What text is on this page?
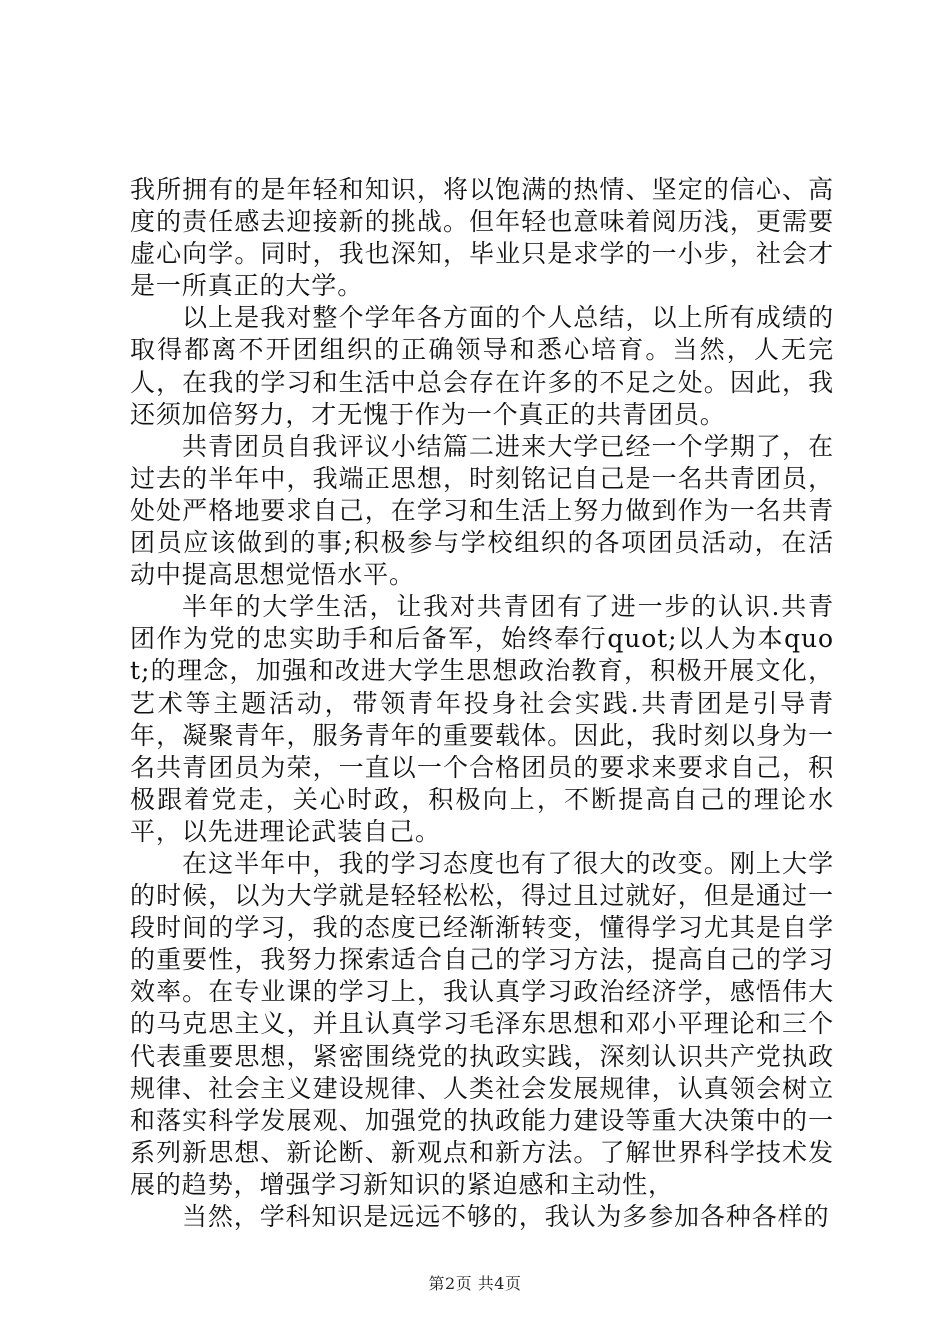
我所拥有的是年轻和知识，将以饱满的热情、坚定的信心、高度的责任感去迎接新的挑战。但年轻也意味着阅历浅，更需要虚心向学。同时，我也深知，毕业只是求学的一小步，社会才是一所真正的大学。

以上是我对整个学年各方面的个人总结，以上所有成绩的取得都离不开团组织的正确领导和悉心培育。当然，人无完人，在我的学习和生活中总会存在许多的不足之处。因此，我还须加倍努力，才无愧于作为一个真正的共青团员。

共青团员自我评议小结篇二进来大学已经一个学期了，在过去的半年中，我端正思想，时刻铭记自己是一名共青团员，处处严格地要求自己，在学习和生活上努力做到作为一名共青团员应该做到的事;积极参与学校组织的各项团员活动，在活动中提高思想觉悟水平。

半年的大学生活，让我对共青团有了进一步的认识.共青团作为党的忠实助手和后备军，始终奉行quot;以人为本quot;的理念，加强和改进大学生思想政治教育，积极开展文化，艺术等主题活动，带领青年投身社会实践.共青团是引导青年，凝聚青年，服务青年的重要载体。因此，我时刻以身为一名共青团员为荣，一直以一个合格团员的要求来要求自己，积极跟着党走，关心时政，积极向上，不断提高自己的理论水平，以先进理论武装自己。

在这半年中，我的学习态度也有了很大的改变。刚上大学的时候，以为大学就是轻轻松松，得过且过就好，但是通过一段时间的学习，我的态度已经渐渐转变，懂得学习尤其是自学的重要性，我努力探索适合自己的学习方法，提高自己的学习效率。在专业课的学习上，我认真学习政治经济学，感悟伟大的马克思主义，并且认真学习毛泽东思想和邓小平理论和三个代表重要思想，紧密围绕党的执政实践，深刻认识共产党执政规律、社会主义建设规律、人类社会发展规律，认真领会树立和落实科学发展观、加强党的执政能力建设等重大决策中的一系列新思想、新论断、新观点和新方法。了解世界科学技术发展的趋势，增强学习新知识的紧迫感和主动性，

当然，学科知识是远远不够的，我认为多参加各种各样的

第2页 共4页
